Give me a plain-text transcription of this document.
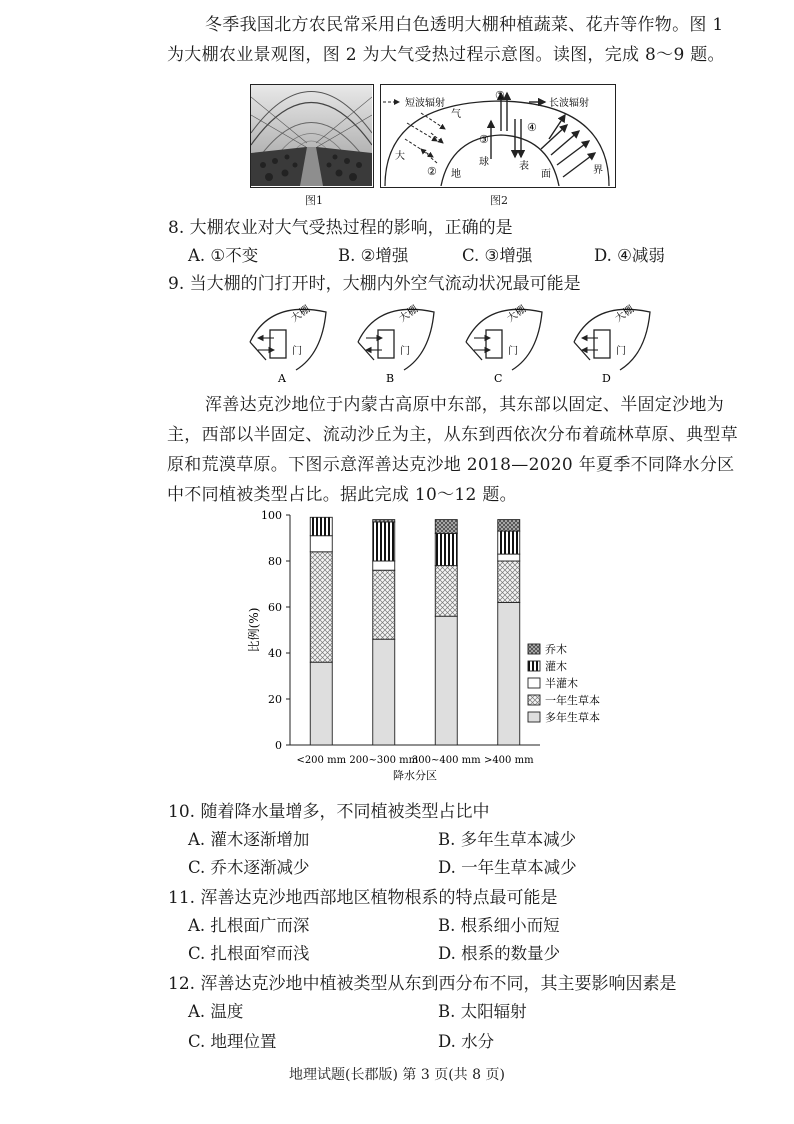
冬季我国北方农民常采用白色透明大棚种植蔬菜、花卉等作物。图 1
为大棚农业景观图，图 2 为大气受热过程示意图。读图，完成 8～9 题。
图1
短波辐射	长波辐射
①
②
③
④
气
大
界
地
球	表
面
图2
8. 大棚农业对大气受热过程的影响，正确的是
A. ①不变	B. ②增强	C. ③增强	D. ④减弱
9. 当大棚的门打开时，大棚内外空气流动状况最可能是
门
大棚
A
门
大棚
B
门
大棚
C
门
大棚
D
浑善达克沙地位于内蒙古高原中东部，其东部以固定、半固定沙地为
主，西部以半固定、流动沙丘为主，从东到西依次分布着疏林草原、典型草
原和荒漠草原。下图示意浑善达克沙地 2018—2020 年夏季不同降水分区
中不同植被类型占比。据此完成 10～12 题。
0
20
40
60
80
100
比例(%)
<200 mm 200~300 mm
300~400 mm >400 mm
降水分区
乔木
灌木
半灌木
一年生草本
多年生草本
10. 随着降水量增多，不同植被类型占比中
A. 灌木逐渐增加	B. 多年生草本减少
C. 乔木逐渐减少	D. 一年生草本减少
11. 浑善达克沙地西部地区植物根系的特点最可能是
A. 扎根面广而深	B. 根系细小而短
C. 扎根面窄而浅	D. 根系的数量少
12. 浑善达克沙地中植被类型从东到西分布不同，其主要影响因素是
A. 温度	B. 太阳辐射
C. 地理位置	D. 水分
地理试题(长郡版) 第 3 页(共 8 页)
